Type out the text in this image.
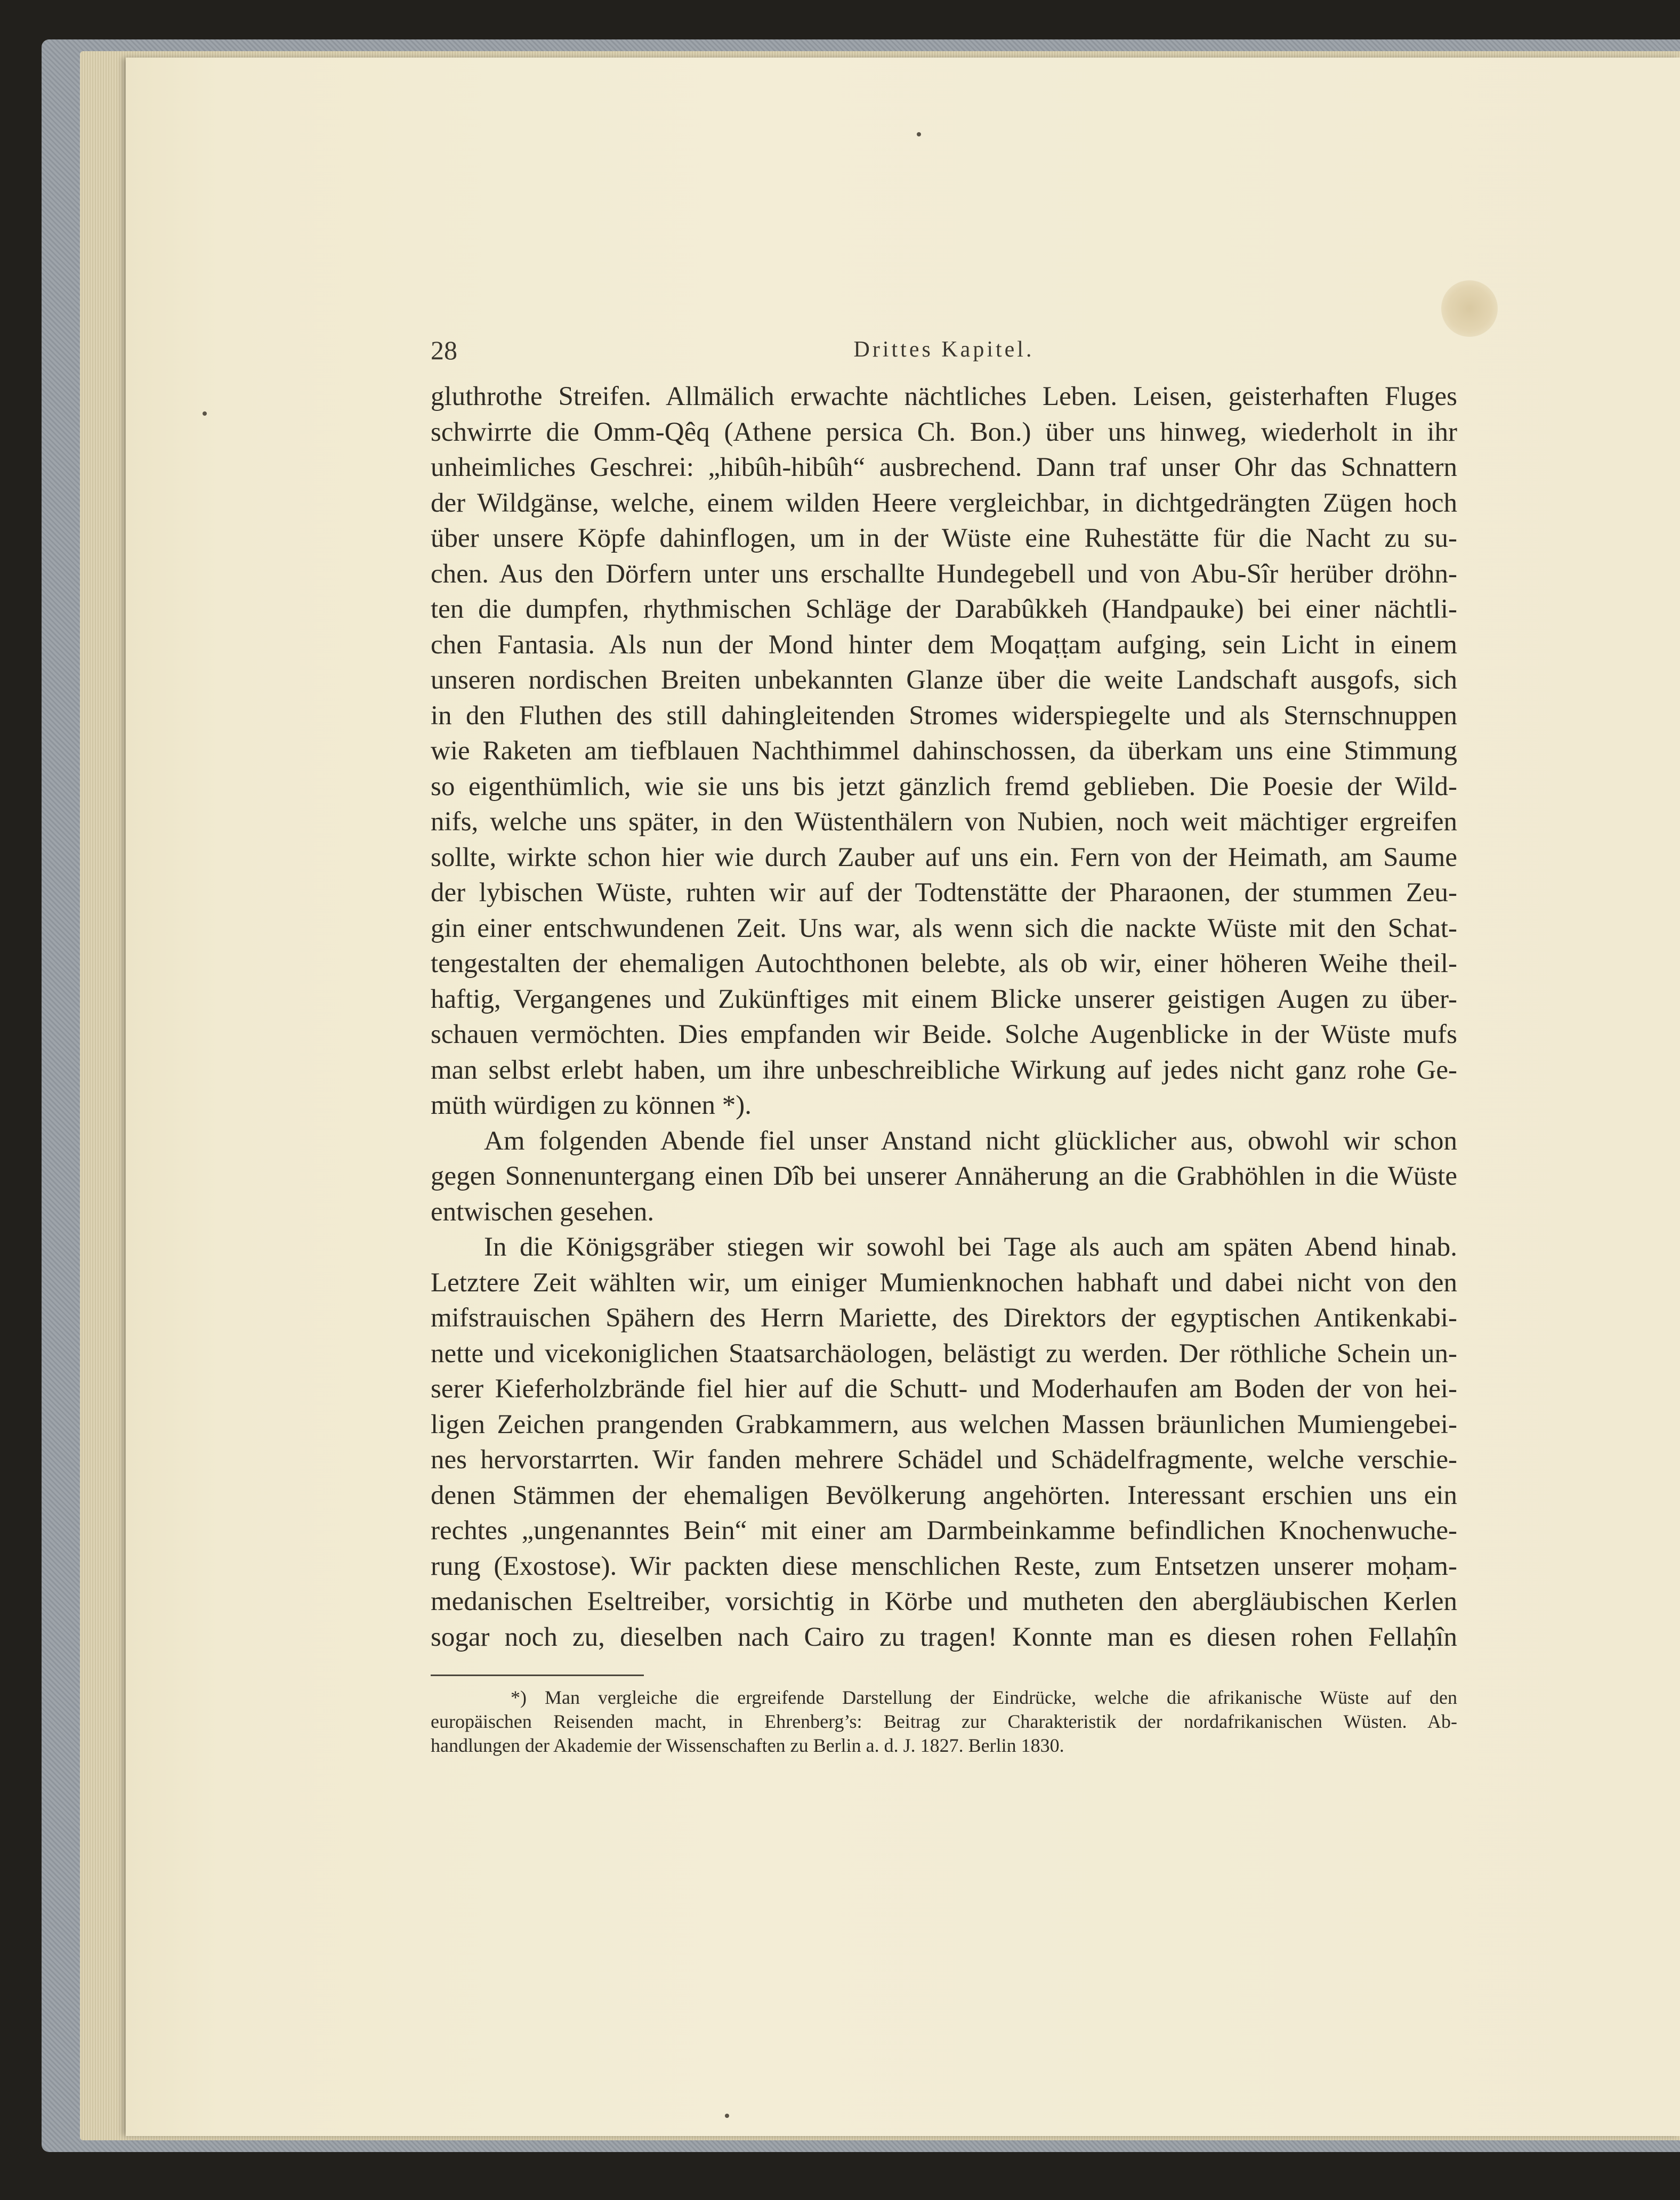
28	Drittes Kapitel.
gluthrothe Streifen. Allmälich erwachte nächtliches Leben. Leisen, geisterhaften Fluges
schwirrte die Omm-Qêq (Athene persica Ch. Bon.) über uns hinweg, wiederholt in ihr
unheimliches Geschrei: „hibûh-hibûh“ ausbrechend. Dann traf unser Ohr das Schnattern
der Wildgänse, welche, einem wilden Heere vergleichbar, in dichtgedrängten Zügen hoch
über unsere Köpfe dahinflogen, um in der Wüste eine Ruhestätte für die Nacht zu su-
chen. Aus den Dörfern unter uns erschallte Hundegebell und von Abu-Sîr herüber dröhn-
ten die dumpfen, rhythmischen Schläge der Darabûkkeh (Handpauke) bei einer nächtli-
chen Fantasia. Als nun der Mond hinter dem Moqaṭṭam aufging, sein Licht in einem
unseren nordischen Breiten unbekannten Glanze über die weite Landschaft ausgofs, sich
in den Fluthen des still dahingleitenden Stromes widerspiegelte und als Sternschnuppen
wie Raketen am tiefblauen Nachthimmel dahinschossen, da überkam uns eine Stimmung
so eigenthümlich, wie sie uns bis jetzt gänzlich fremd geblieben. Die Poesie der Wild-
nifs, welche uns später, in den Wüstenthälern von Nubien, noch weit mächtiger ergreifen
sollte, wirkte schon hier wie durch Zauber auf uns ein. Fern von der Heimath, am Saume
der lybischen Wüste, ruhten wir auf der Todtenstätte der Pharaonen, der stummen Zeu-
gin einer entschwundenen Zeit. Uns war, als wenn sich die nackte Wüste mit den Schat-
tengestalten der ehemaligen Autochthonen belebte, als ob wir, einer höheren Weihe theil-
haftig, Vergangenes und Zukünftiges mit einem Blicke unserer geistigen Augen zu über-
schauen vermöchten. Dies empfanden wir Beide. Solche Augenblicke in der Wüste mufs
man selbst erlebt haben, um ihre unbeschreibliche Wirkung auf jedes nicht ganz rohe Ge-
müth würdigen zu können *).
Am folgenden Abende fiel unser Anstand nicht glücklicher aus, obwohl wir schon
gegen Sonnenuntergang einen Dîb bei unserer Annäherung an die Grabhöhlen in die Wüste
entwischen gesehen.
In die Königsgräber stiegen wir sowohl bei Tage als auch am späten Abend hinab.
Letztere Zeit wählten wir, um einiger Mumienknochen habhaft und dabei nicht von den
mifstrauischen Spähern des Herrn Mariette, des Direktors der egyptischen Antikenkabi-
nette und vicekoniglichen Staatsarchäologen, belästigt zu werden. Der röthliche Schein un-
serer Kieferholzbrände fiel hier auf die Schutt- und Moderhaufen am Boden der von hei-
ligen Zeichen prangenden Grabkammern, aus welchen Massen bräunlichen Mumiengebei-
nes hervorstarrten. Wir fanden mehrere Schädel und Schädelfragmente, welche verschie-
denen Stämmen der ehemaligen Bevölkerung angehörten. Interessant erschien uns ein
rechtes „ungenanntes Bein“ mit einer am Darmbeinkamme befindlichen Knochenwuche-
rung (Exostose). Wir packten diese menschlichen Reste, zum Entsetzen unserer moḥam-
medanischen Eseltreiber, vorsichtig in Körbe und mutheten den abergläubischen Kerlen
sogar noch zu, dieselben nach Cairo zu tragen! Konnte man es diesen rohen Fellaḥîn
*) Man vergleiche die ergreifende Darstellung der Eindrücke, welche die afrikanische Wüste auf den
europäischen Reisenden macht, in Ehrenberg’s: Beitrag zur Charakteristik der nordafrikanischen Wüsten. Ab-
handlungen der Akademie der Wissenschaften zu Berlin a. d. J. 1827. Berlin 1830.
